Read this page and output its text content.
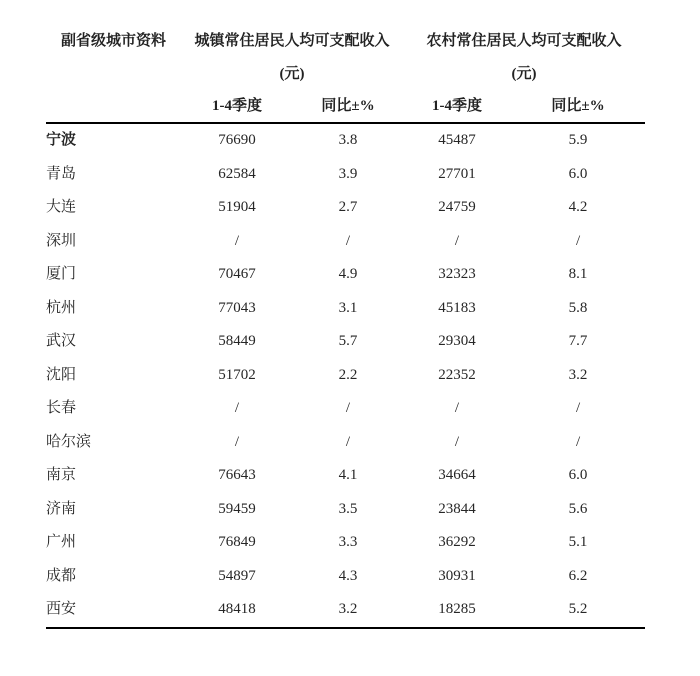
副省级城市资料	城镇常住居民人均可支配收入		农村常住居民人均可支配收入	
	(元)		(元)	
	1-4季度	同比±%	1-4季度	同比±%
宁波	76690	3.8	45487	5.9
青岛	62584	3.9	27701	6.0
大连	51904	2.7	24759	4.2
深圳	/	/	/	/
厦门	70467	4.9	32323	8.1
杭州	77043	3.1	45183	5.8
武汉	58449	5.7	29304	7.7
沈阳	51702	2.2	22352	3.2
长春	/	/	/	/
哈尔滨	/	/	/	/
南京	76643	4.1	34664	6.0
济南	59459	3.5	23844	5.6
广州	76849	3.3	36292	5.1
成都	54897	4.3	30931	6.2
西安	48418	3.2	18285	5.2
